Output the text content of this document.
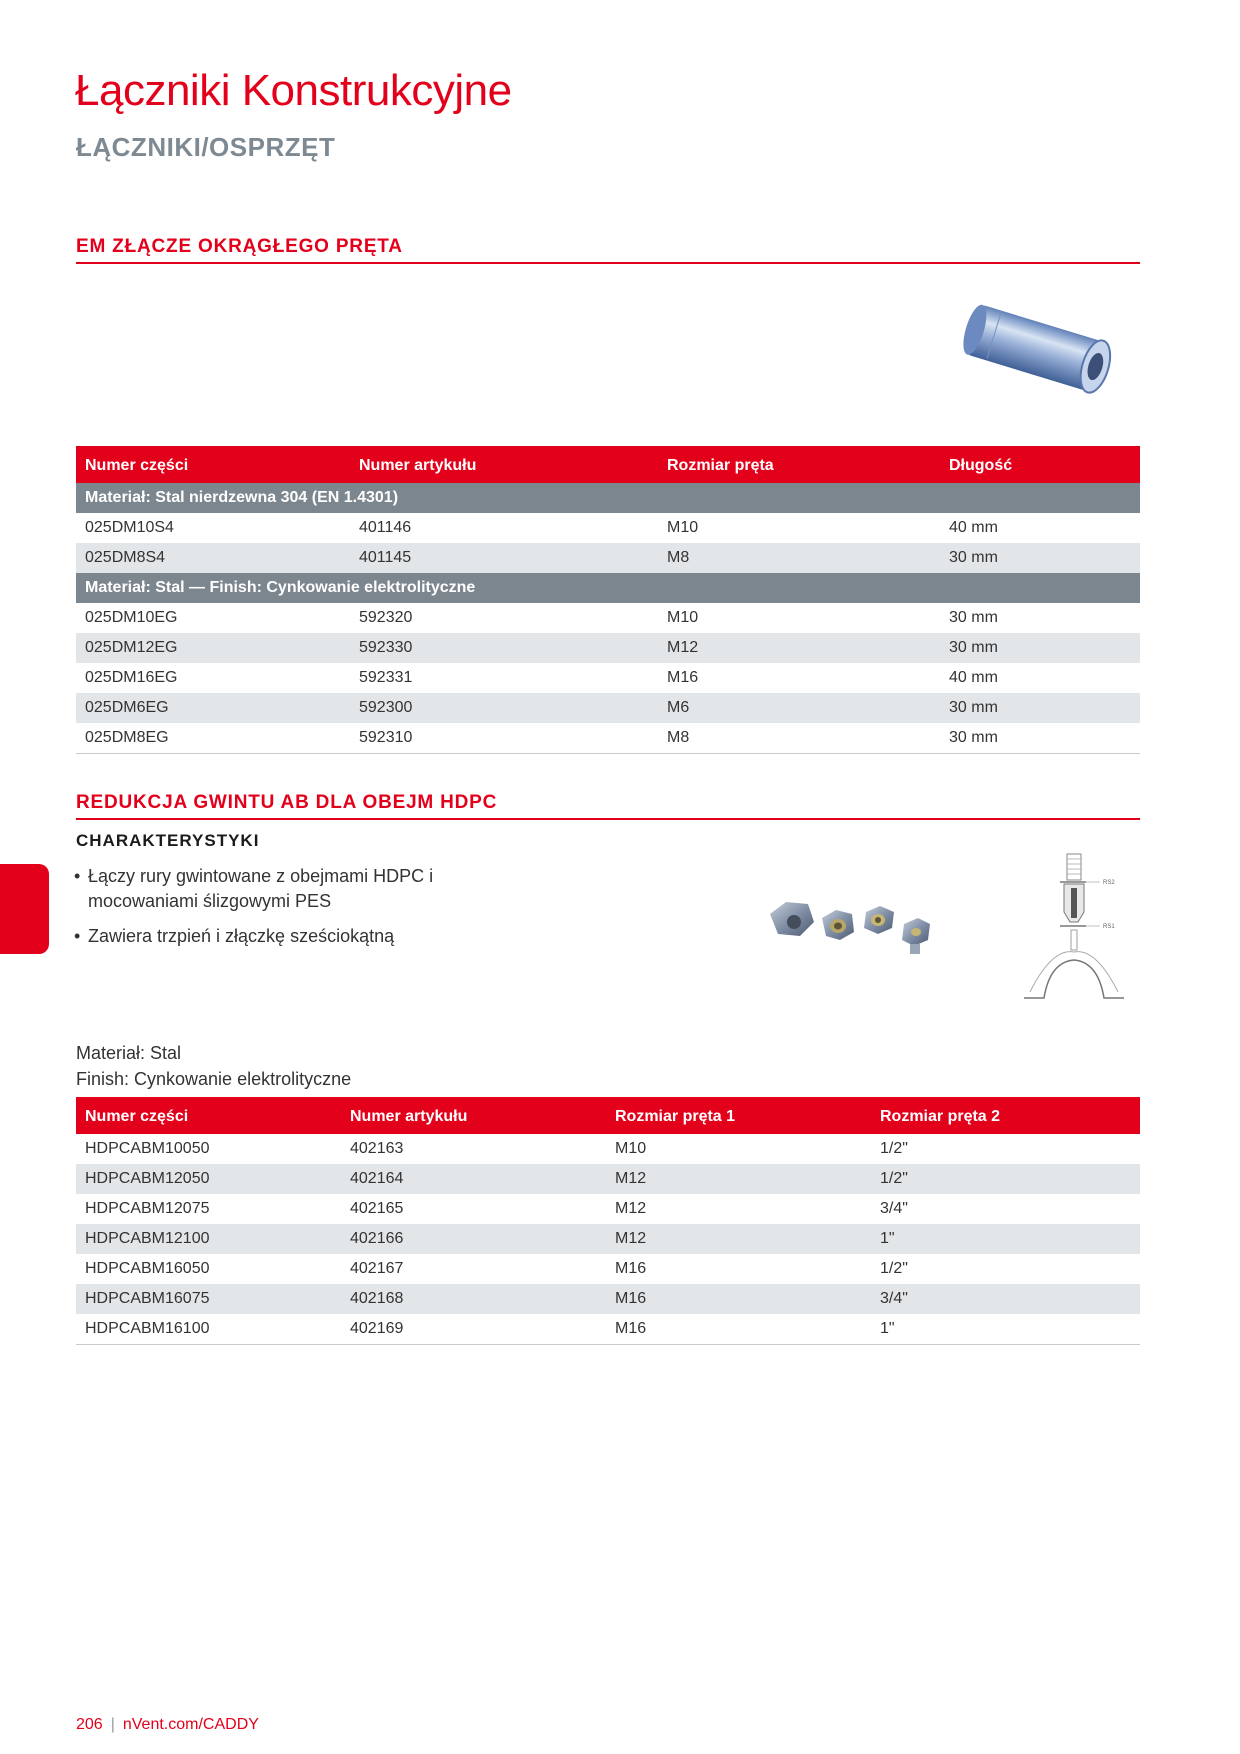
Łączniki Konstrukcyjne
ŁĄCZNIKI/OSPRZĘT
EM ZŁĄCZE OKRĄGŁEGO PRĘTA
Numer części	Numer artykułu	Rozmiar pręta	Długość
Materiał: Stal nierdzewna 304 (EN 1.4301)			
025DM10S4	401146	M10	40 mm
025DM8S4	401145	M8	30 mm
Materiał: Stal — Finish: Cynkowanie elektrolityczne			
025DM10EG	592320	M10	30 mm
025DM12EG	592330	M12	30 mm
025DM16EG	592331	M16	40 mm
025DM6EG	592300	M6	30 mm
025DM8EG	592310	M8	30 mm
REDUKCJA GWINTU AB DLA OBEJM HDPC
CHARAKTERYSTYKI
• Łączy rury gwintowane z obejmami HDPC i mocowaniami ślizgowymi PES
• Zawiera trzpień i złączkę sześciokątną
RS2
RS1

Materiał: Stal
Finish: Cynkowanie elektrolityczne

Numer części	Numer artykułu	Rozmiar pręta 1	Rozmiar pręta 2
HDPCABM10050	402163	M10	1/2"
HDPCABM12050	402164	M12	1/2"
HDPCABM12075	402165	M12	3/4"
HDPCABM12100	402166	M12	1"
HDPCABM16050	402167	M16	1/2"
HDPCABM16075	402168	M16	3/4"
HDPCABM16100	402169	M16	1"
206 | nVent.com/CADDY
